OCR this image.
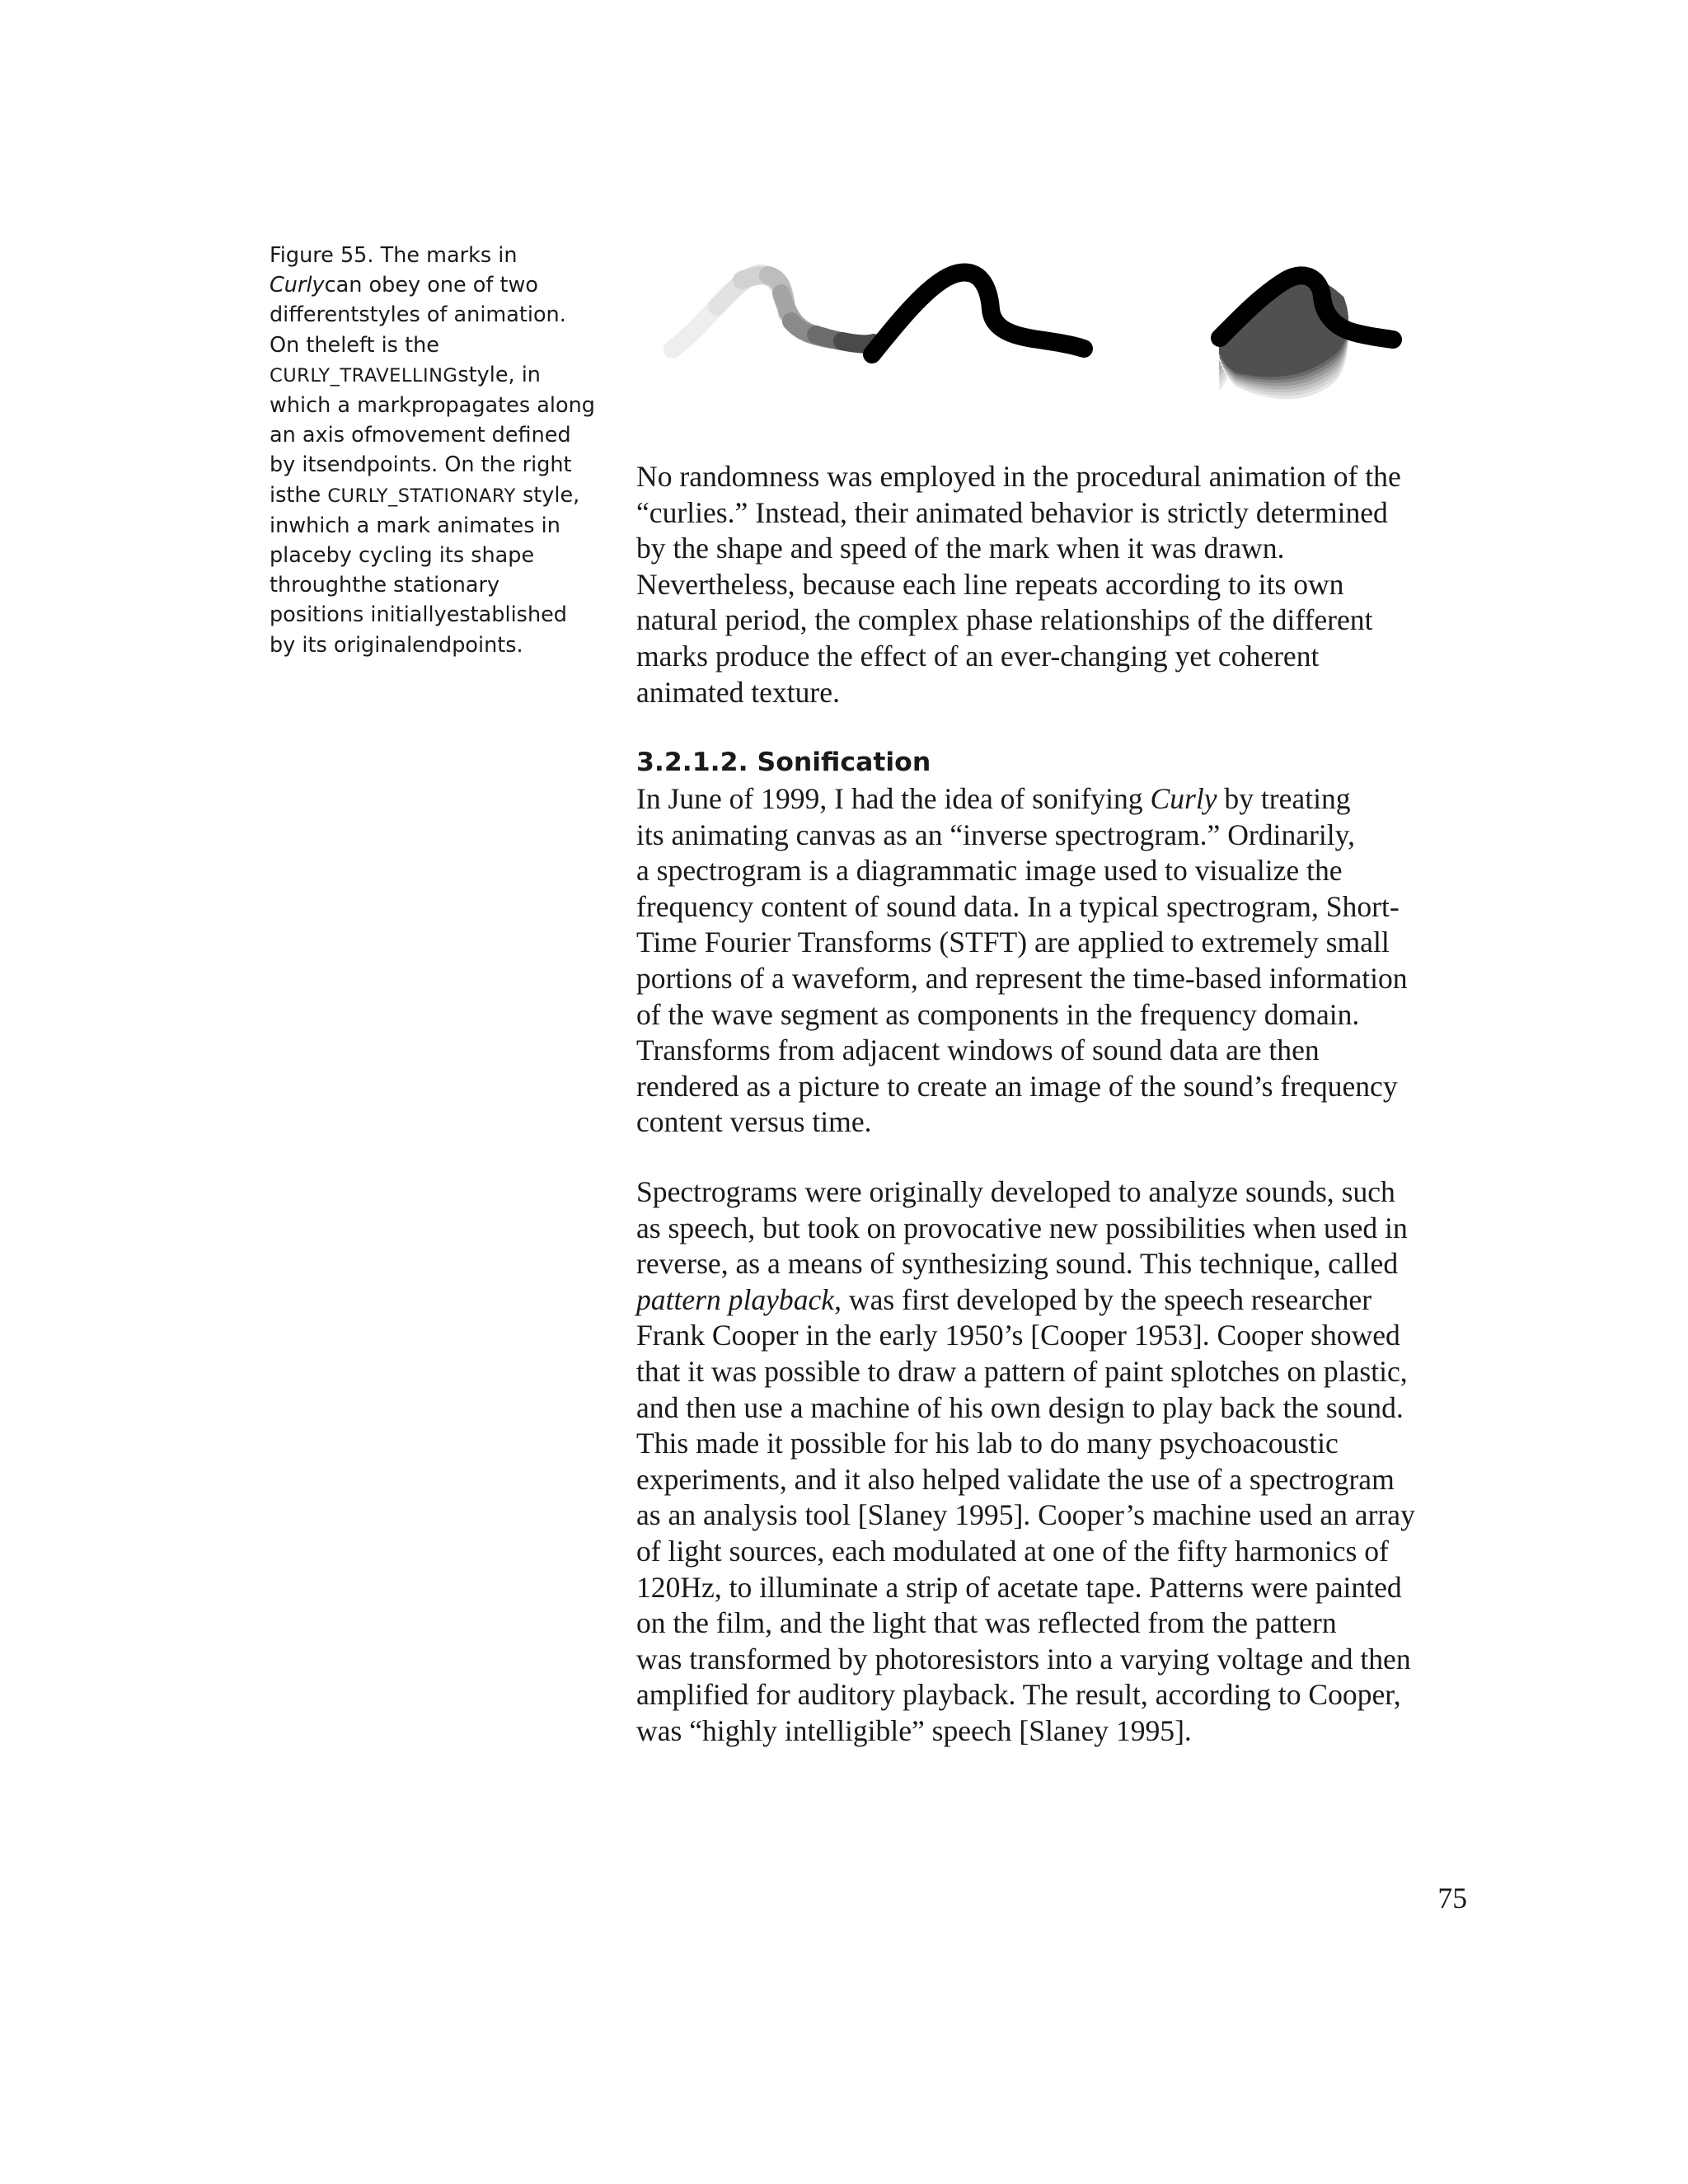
Figure 55. The marks in Curlycan obey one of two differentstyles of animation. On theleft is the CURLY_TRAVELLINGstyle, in which a markpropagates along an axis ofmovement defined by itsendpoints. On the right isthe CURLY_STATIONARY style, inwhich a mark animates in placeby cycling its shape throughthe stationary positions initiallyestablished by its originalendpoints.
No randomness was employed in the procedural animation of the
“curlies.” Instead, their animated behavior is strictly determined
by the shape and speed of the mark when it was drawn.
Nevertheless, because each line repeats according to its own
natural period, the complex phase relationships of the different
marks produce the effect of an ever-changing yet coherent
animated texture.
3.2.1.2. Sonification
In June of 1999, I had the idea of sonifying Curly by treating
its animating canvas as an “inverse spectrogram.” Ordinarily,
a spectrogram is a diagrammatic image used to visualize the
frequency content of sound data. In a typical spectrogram, Short-
Time Fourier Transforms (STFT) are applied to extremely small
portions of a waveform, and represent the time-based information
of the wave segment as components in the frequency domain.
Transforms from adjacent windows of sound data are then
rendered as a picture to create an image of the sound’s frequency
content versus time.
Spectrograms were originally developed to analyze sounds, such
as speech, but took on provocative new possibilities when used in
reverse, as a means of synthesizing sound. This technique, called
pattern playback, was first developed by the speech researcher
Frank Cooper in the early 1950’s [Cooper 1953]. Cooper showed
that it was possible to draw a pattern of paint splotches on plastic,
and then use a machine of his own design to play back the sound.
This made it possible for his lab to do many psychoacoustic
experiments, and it also helped validate the use of a spectrogram
as an analysis tool [Slaney 1995]. Cooper’s machine used an array
of light sources, each modulated at one of the fifty harmonics of
120Hz, to illuminate a strip of acetate tape. Patterns were painted
on the film, and the light that was reflected from the pattern
was transformed by photoresistors into a varying voltage and then
amplified for auditory playback. The result, according to Cooper,
was “highly intelligible” speech [Slaney 1995].
75
